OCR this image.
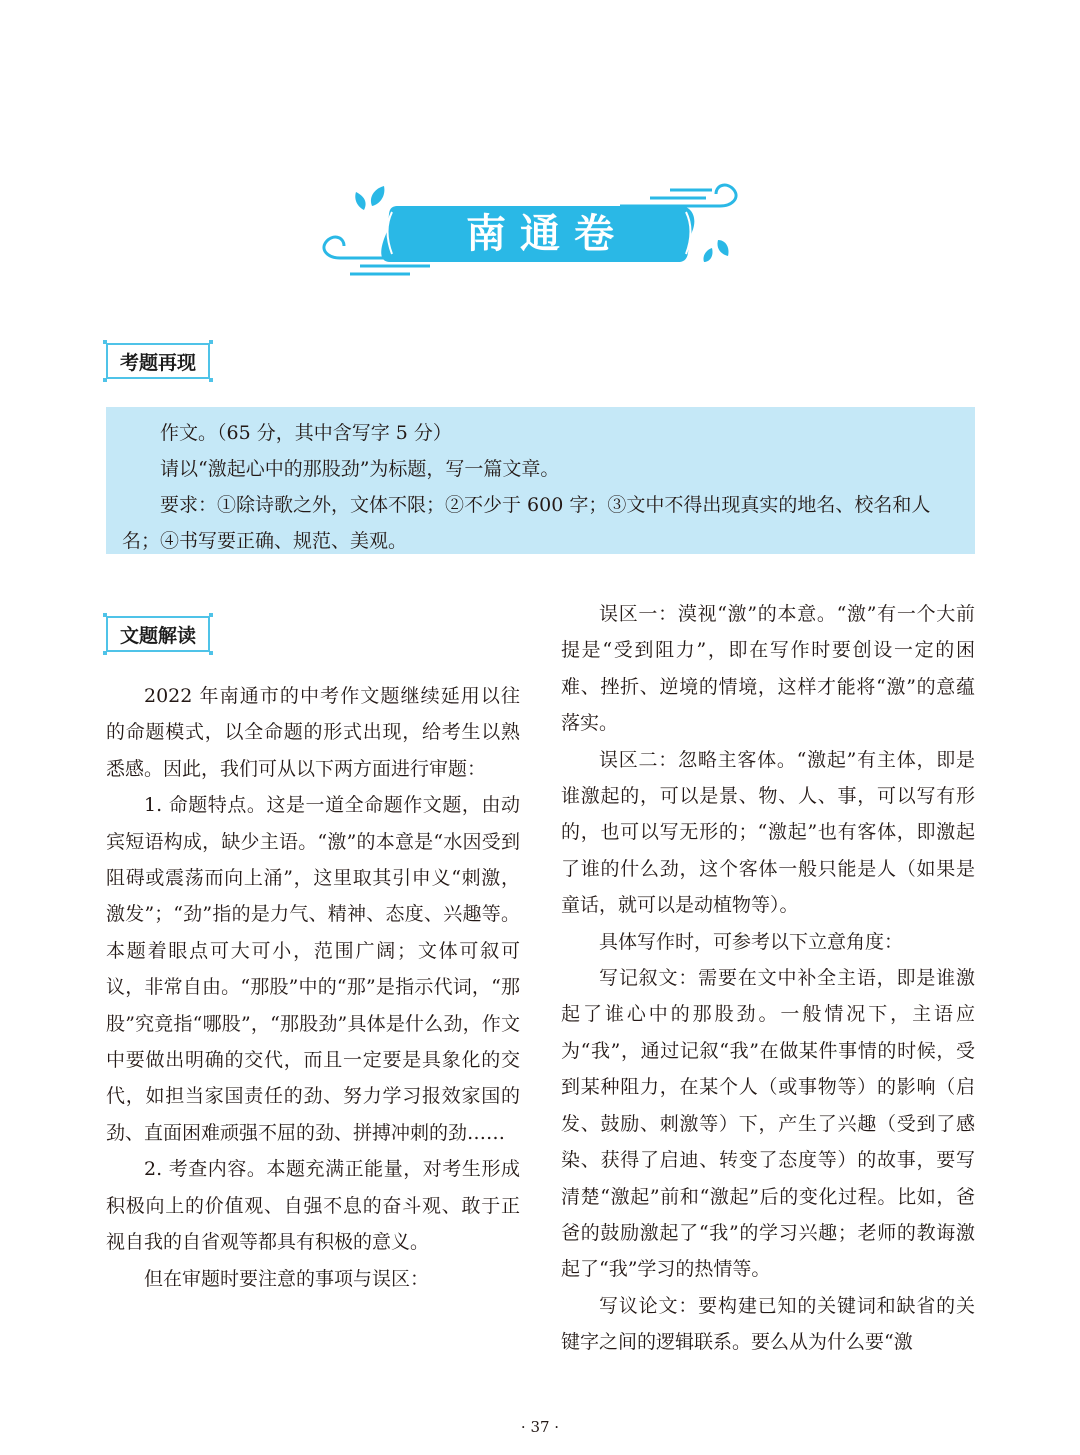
南通卷
考题再现

作文。（65 分，其中含写字 5 分）

请以“激起心中的那股劲”为标题，写一篇文章。

要求：①除诗歌之外，文体不限；②不少于 600 字；③文中不得出现真实的地名、校名和人名；④书写要正确、规范、美观。

文题解读

2022 年南通市的中考作文题继续延用以往的命题模式，以全命题的形式出现，给考生以熟悉感。因此，我们可从以下两方面进行审题：

1. 命题特点。这是一道全命题作文题，由动宾短语构成，缺少主语。“激”的本意是“水因受到阻碍或震荡而向上涌”，这里取其引申义“刺激，激发”；“劲”指的是力气、精神、态度、兴趣等。本题着眼点可大可小，范围广阔；文体可叙可议，非常自由。“那股”中的“那”是指示代词，“那股”究竟指“哪股”，“那股劲”具体是什么劲，作文中要做出明确的交代，而且一定要是具象化的交代，如担当家国责任的劲、努力学习报效家国的劲、直面困难顽强不屈的劲、拼搏冲刺的劲……

2. 考查内容。本题充满正能量，对考生形成积极向上的价值观、自强不息的奋斗观、敢于正视自我的自省观等都具有积极的意义。

但在审题时要注意的事项与误区：

误区一：漠视“激”的本意。“激”有一个大前提是“受到阻力”，即在写作时要创设一定的困难、挫折、逆境的情境，这样才能将“激”的意蕴落实。

误区二：忽略主客体。“激起”有主体，即是谁激起的，可以是景、物、人、事，可以写有形的，也可以写无形的；“激起”也有客体，即激起了谁的什么劲，这个客体一般只能是人（如果是童话，就可以是动植物等）。

具体写作时，可参考以下立意角度：

写记叙文：需要在文中补全主语，即是谁激起了谁心中的那股劲。一般情况下，主语应为“我”，通过记叙“我”在做某件事情的时候，受到某种阻力，在某个人（或事物等）的影响（启发、鼓励、刺激等）下，产生了兴趣（受到了感染、获得了启迪、转变了态度等）的故事，要写清楚“激起”前和“激起”后的变化过程。比如，爸爸的鼓励激起了“我”的学习兴趣；老师的教诲激起了“我”学习的热情等。

写议论文：要构建已知的关键词和缺省的关键字之间的逻辑联系。要么从为什么要“激

· 37 ·
